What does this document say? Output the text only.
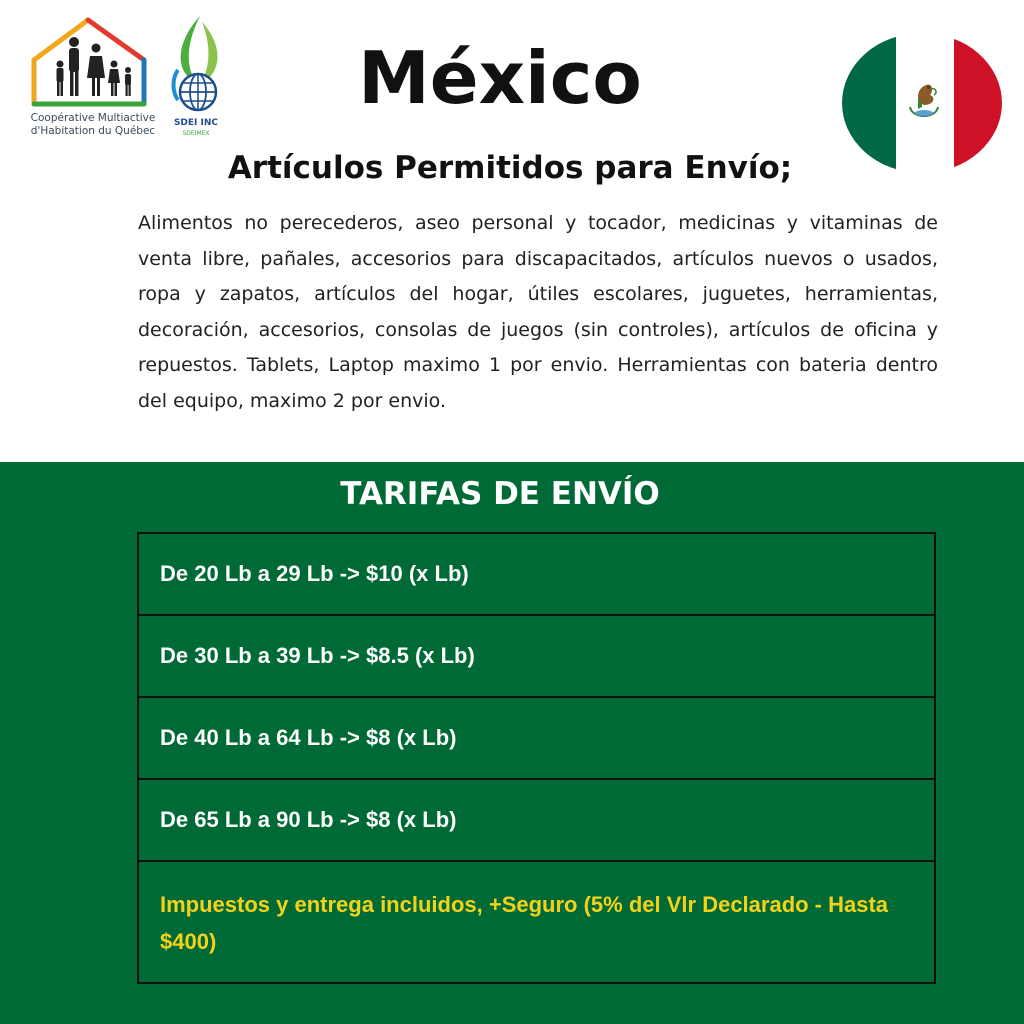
Coopérative Multiactive
d'Habitation du Québec
SDEI INC
SDEIMEX
México
Artículos Permitidos para Envío;
Alimentos no perecederos, aseo personal y tocador, medicinas y vitaminas de venta libre, pañales, accesorios para discapacitados, artículos nuevos o usados, ropa y zapatos, artículos del hogar, útiles escolares, juguetes, herramientas, decoración, accesorios, consolas de juegos (sin controles), artículos de oficina y repuestos. Tablets, Laptop maximo 1 por envio. Herramientas con bateria dentro del equipo, maximo 2 por envio.
TARIFAS DE ENVÍO
De 20 Lb a 29 Lb -> $10 (x Lb)
De 30 Lb a 39 Lb -> $8.5 (x Lb)
De 40 Lb a 64 Lb -> $8 (x Lb)
De 65 Lb a 90 Lb -> $8 (x Lb)
Impuestos y entrega incluidos, +Seguro (5% del Vlr Declarado - Hasta $400)
